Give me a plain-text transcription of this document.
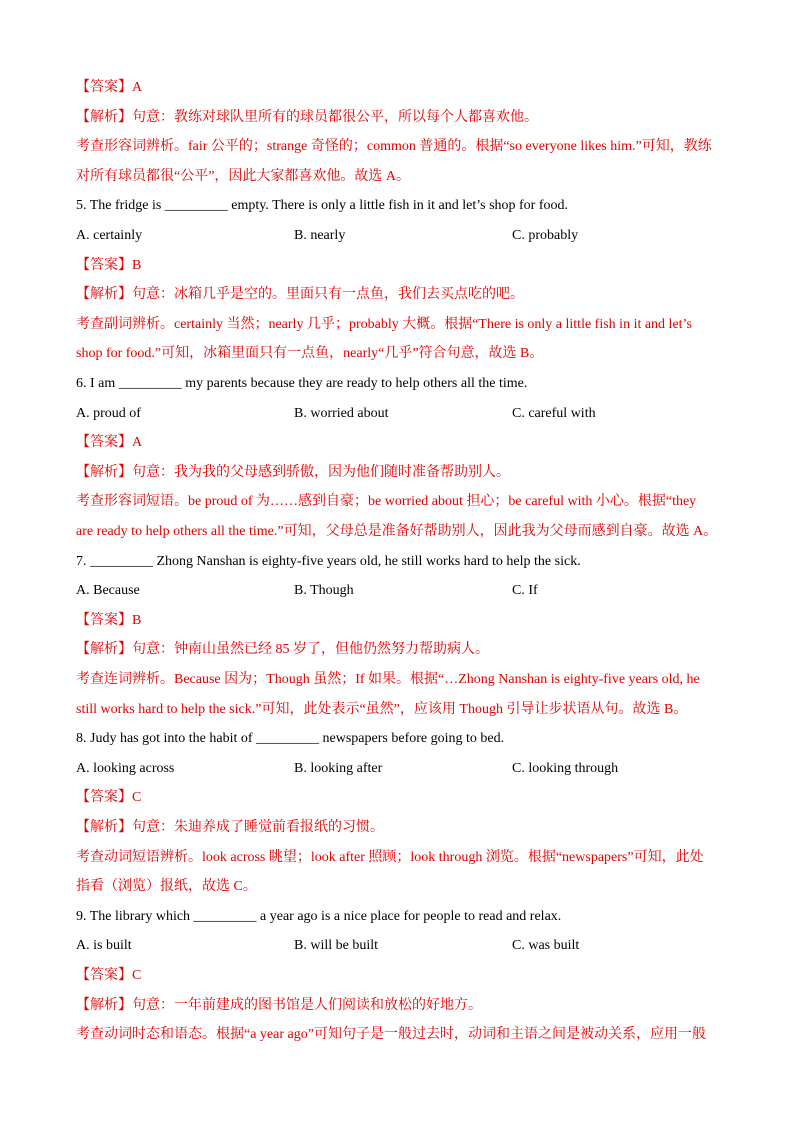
【答案】A
【解析】句意：教练对球队里所有的球员都很公平，所以每个人都喜欢他。
考查形容词辨析。fair 公平的；strange 奇怪的；common 普通的。根据“so everyone likes him.”可知，教练
对所有球员都很“公平”，因此大家都喜欢他。故选 A。
5. The fridge is _________ empty. There is only a little fish in it and let’s shop for food.
A. certainly	B. nearly	C. probably
【答案】B
【解析】句意：冰箱几乎是空的。里面只有一点鱼，我们去买点吃的吧。
考查副词辨析。certainly 当然；nearly 几乎；probably 大概。根据“There is only a little fish in it and let’s
shop for food.”可知，冰箱里面只有一点鱼，nearly“几乎”符合句意，故选 B。
6. I am _________ my parents because they are ready to help others all the time.
A. proud of	B. worried about	C. careful with
【答案】A
【解析】句意：我为我的父母感到骄傲，因为他们随时准备帮助别人。
考查形容词短语。be proud of 为……感到自豪；be worried about 担心；be careful with 小心。根据“they
are ready to help others all the time.”可知，父母总是准备好帮助别人，因此我为父母而感到自豪。故选 A。
7. _________ Zhong Nanshan is eighty-five years old, he still works hard to help the sick.
A. Because	B. Though	C. If
【答案】B
【解析】句意：钟南山虽然已经 85 岁了，但他仍然努力帮助病人。
考查连词辨析。Because 因为；Though 虽然；If 如果。根据“…Zhong Nanshan is eighty-five years old, he
still works hard to help the sick.”可知，此处表示“虽然”，应该用 Though 引导让步状语从句。故选 B。
8. Judy has got into the habit of _________ newspapers before going to bed.
A. looking across	B. looking after	C. looking through
【答案】C
【解析】句意：朱迪养成了睡觉前看报纸的习惯。
考查动词短语辨析。look across 眺望；look after 照顾；look through 浏览。根据“newspapers”可知，此处
指看（浏览）报纸，故选 C。
9. The library which _________ a year ago is a nice place for people to read and relax.
A. is built	B. will be built	C. was built
【答案】C
【解析】句意：一年前建成的图书馆是人们阅读和放松的好地方。
考查动词时态和语态。根据“a year ago”可知句子是一般过去时，动词和主语之间是被动关系，应用一般
